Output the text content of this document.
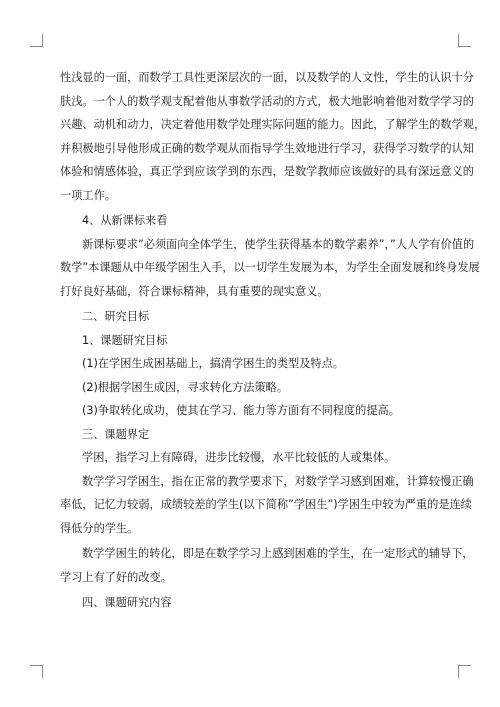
性浅显的一面，而数学工具性更深层次的一面，以及数学的人文性，学生的认识十分
肤浅。一个人的数学观支配着他从事数学活动的方式，极大地影响着他对数学学习的
兴趣、动机和动力，决定着他用数学处理实际问题的能力。因此，了解学生的数学观，
并积极地引导他形成正确的数学观从而指导学生效地进行学习，获得学习数学的认知
体验和情感体验，真正学到应该学到的东西，是数学教师应该做好的具有深远意义的
一项工作。
4、从新课标来看
新课标要求”必须面向全体学生，使学生获得基本的数学素养”，”人人学有价值的
数学”本课题从中年级学困生入手，以一切学生发展为本，为学生全面发展和终身发展
打好良好基础，符合课标精神，具有重要的现实意义。
二、研究目标
1、课题研究目标
(1)在学困生成困基础上，搞清学困生的类型及特点。
(2)根据学困生成因，寻求转化方法策略。
(3)争取转化成功，使其在学习、能力等方面有不同程度的提高。
三、课题界定
学困，指学习上有障碍，进步比较慢，水平比较低的人或集体。
数学学习学困生，指在正常的教学要求下，对数学学习感到困难，计算较慢正确
率低，记忆力较弱，成绩较差的学生(以下简称”学困生”)学困生中较为严重的是连续
得低分的学生。
数学学困生的转化，即是在数学学习上感到困难的学生，在一定形式的辅导下，
学习上有了好的改变。
四、课题研究内容
